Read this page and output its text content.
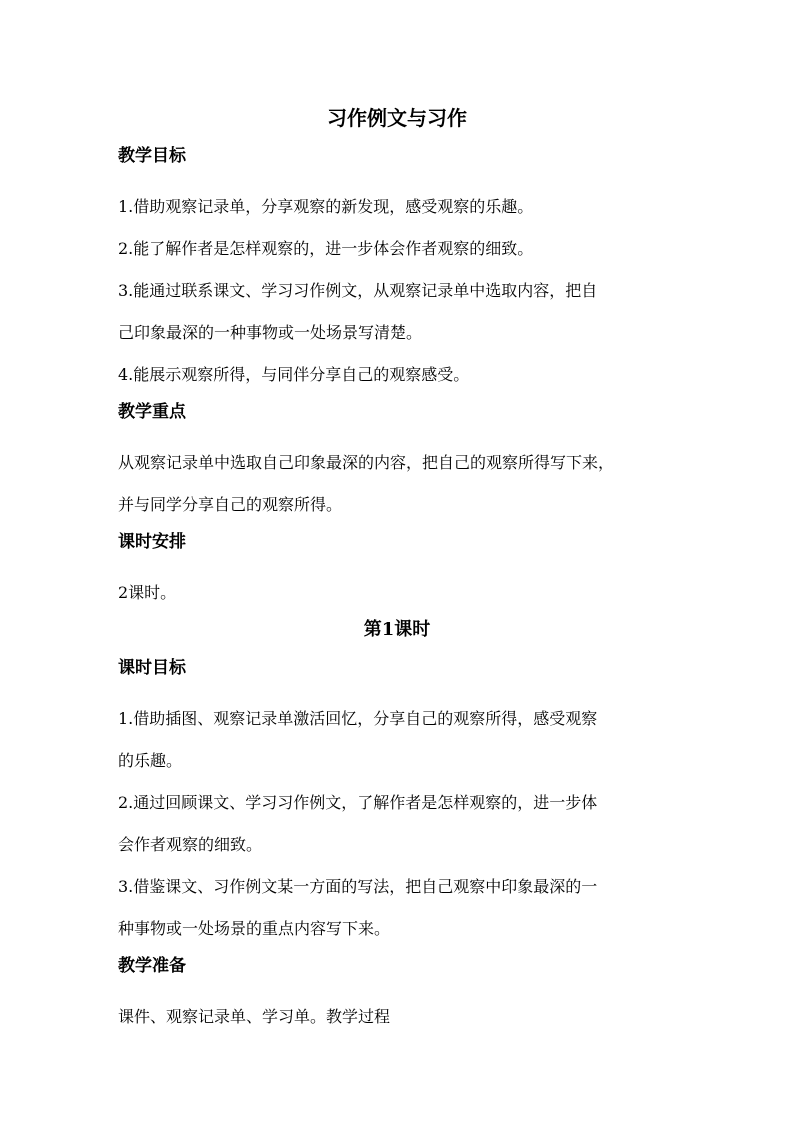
习作例文与习作
教学目标
1.借助观察记录单，分享观察的新发现，感受观察的乐趣。
2.能了解作者是怎样观察的，进一步体会作者观察的细致。
3.能通过联系课文、学习习作例文，从观察记录单中选取内容，把自
己印象最深的一种事物或一处场景写清楚。
4.能展示观察所得，与同伴分享自己的观察感受。
教学重点
从观察记录单中选取自己印象最深的内容，把自己的观察所得写下来，
并与同学分享自己的观察所得。
课时安排
2课时。
第1课时
课时目标
1.借助插图、观察记录单激活回忆，分享自己的观察所得，感受观察
的乐趣。
2.通过回顾课文、学习习作例文，了解作者是怎样观察的，进一步体
会作者观察的细致。
3.借鉴课文、习作例文某一方面的写法，把自己观察中印象最深的一
种事物或一处场景的重点内容写下来。
教学准备
课件、观察记录单、学习单。教学过程
